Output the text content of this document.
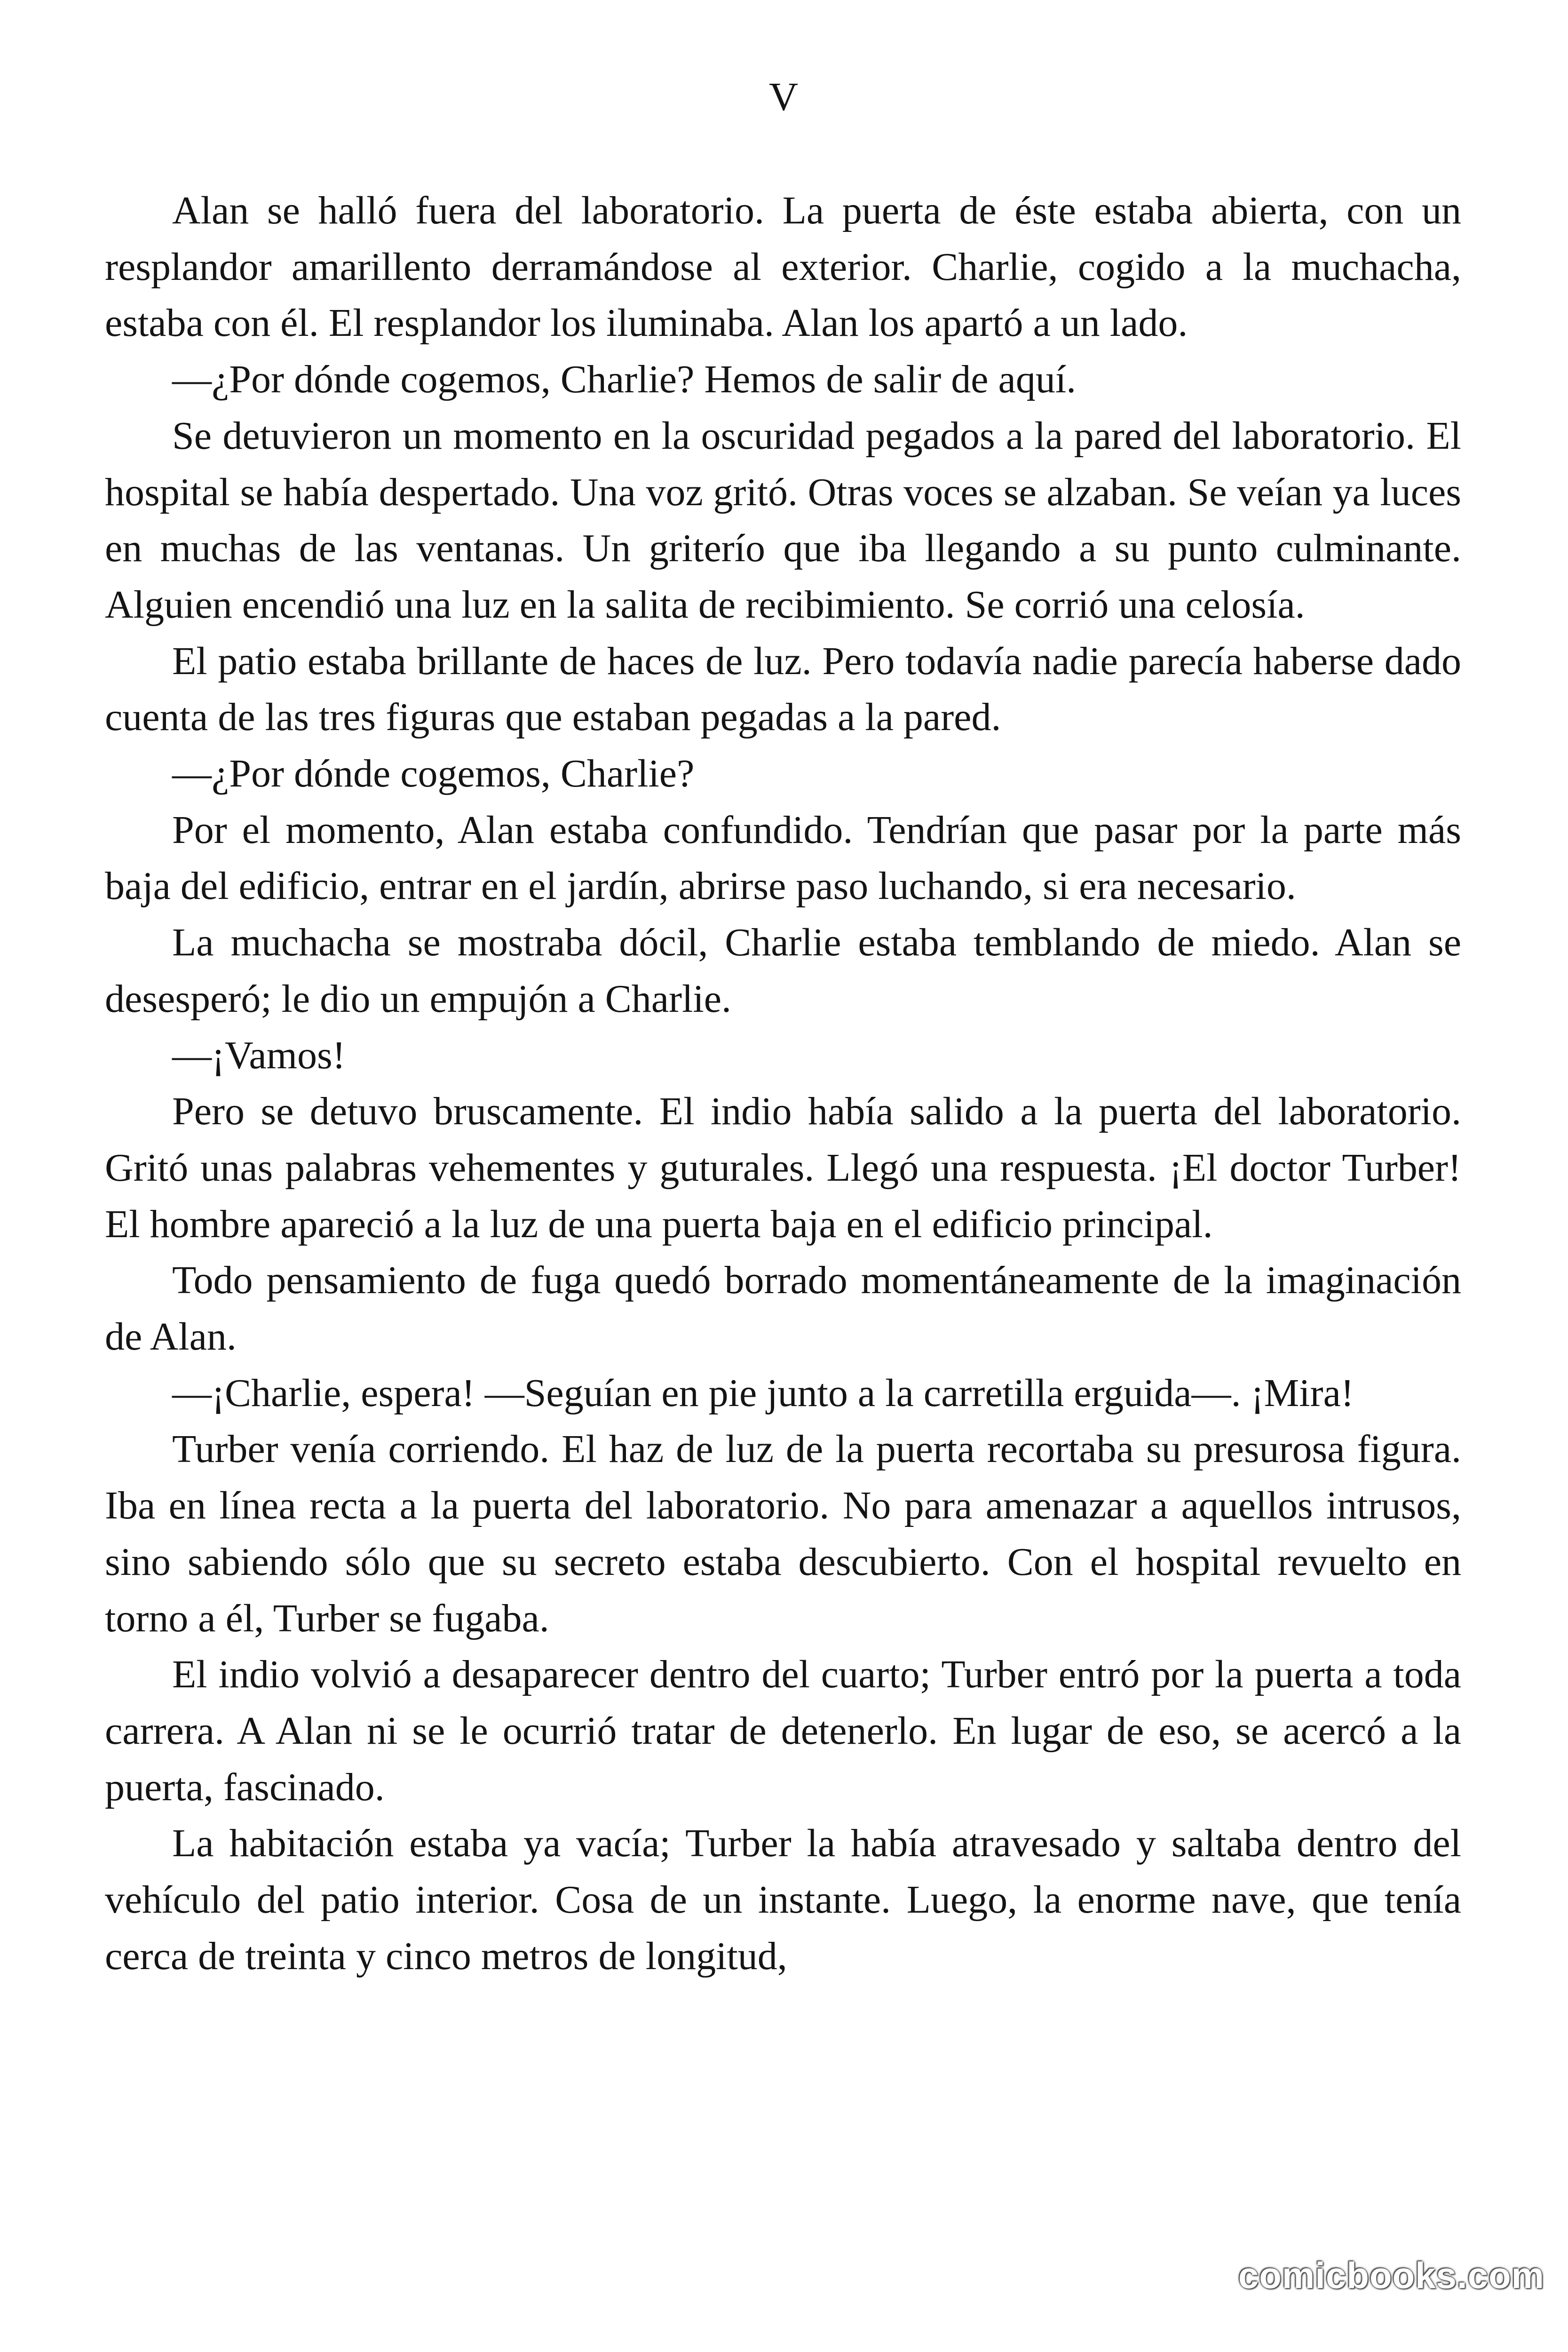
V

Alan se halló fuera del laboratorio. La puerta de éste estaba abierta, con un resplandor amarillento derramándose al exterior. Charlie, cogido a la muchacha, estaba con él. El resplandor los iluminaba. Alan los apartó a un lado.

—¿Por dónde cogemos, Charlie? Hemos de salir de aquí.

Se detuvieron un momento en la oscuridad pegados a la pared del laboratorio. El hospital se había despertado. Una voz gritó. Otras voces se alzaban. Se veían ya luces en muchas de las ventanas. Un griterío que iba llegando a su punto culminante. Alguien encendió una luz en la salita de recibimiento. Se corrió una celosía.

El patio estaba brillante de haces de luz. Pero todavía nadie parecía haberse dado cuenta de las tres figuras que estaban pegadas a la pared.

—¿Por dónde cogemos, Charlie?

Por el momento, Alan estaba confundido. Tendrían que pasar por la parte más baja del edificio, entrar en el jardín, abrirse paso luchando, si era necesario.

La muchacha se mostraba dócil, Charlie estaba temblando de miedo. Alan se desesperó; le dio un empujón a Charlie.

—¡Vamos!

Pero se detuvo bruscamente. El indio había salido a la puerta del laboratorio. Gritó unas palabras vehementes y guturales. Llegó una respuesta. ¡El doctor Turber! El hombre apareció a la luz de una puerta baja en el edificio principal.

Todo pensamiento de fuga quedó borrado momentáneamente de la imaginación de Alan.

—¡Charlie, espera! —Seguían en pie junto a la carretilla erguida—. ¡Mira!

Turber venía corriendo. El haz de luz de la puerta recortaba su presurosa figura. Iba en línea recta a la puerta del laboratorio. No para amenazar a aquellos intrusos, sino sabiendo sólo que su secreto estaba descubierto. Con el hospital revuelto en torno a él, Turber se fugaba.

El indio volvió a desaparecer dentro del cuarto; Turber entró por la puerta a toda carrera. A Alan ni se le ocurrió tratar de detenerlo. En lugar de eso, se acercó a la puerta, fascinado.

La habitación estaba ya vacía; Turber la había atravesado y saltaba dentro del vehículo del patio interior. Cosa de un instante. Luego, la enorme nave, que tenía cerca de treinta y cinco metros de longitud,

comicbooks.com
